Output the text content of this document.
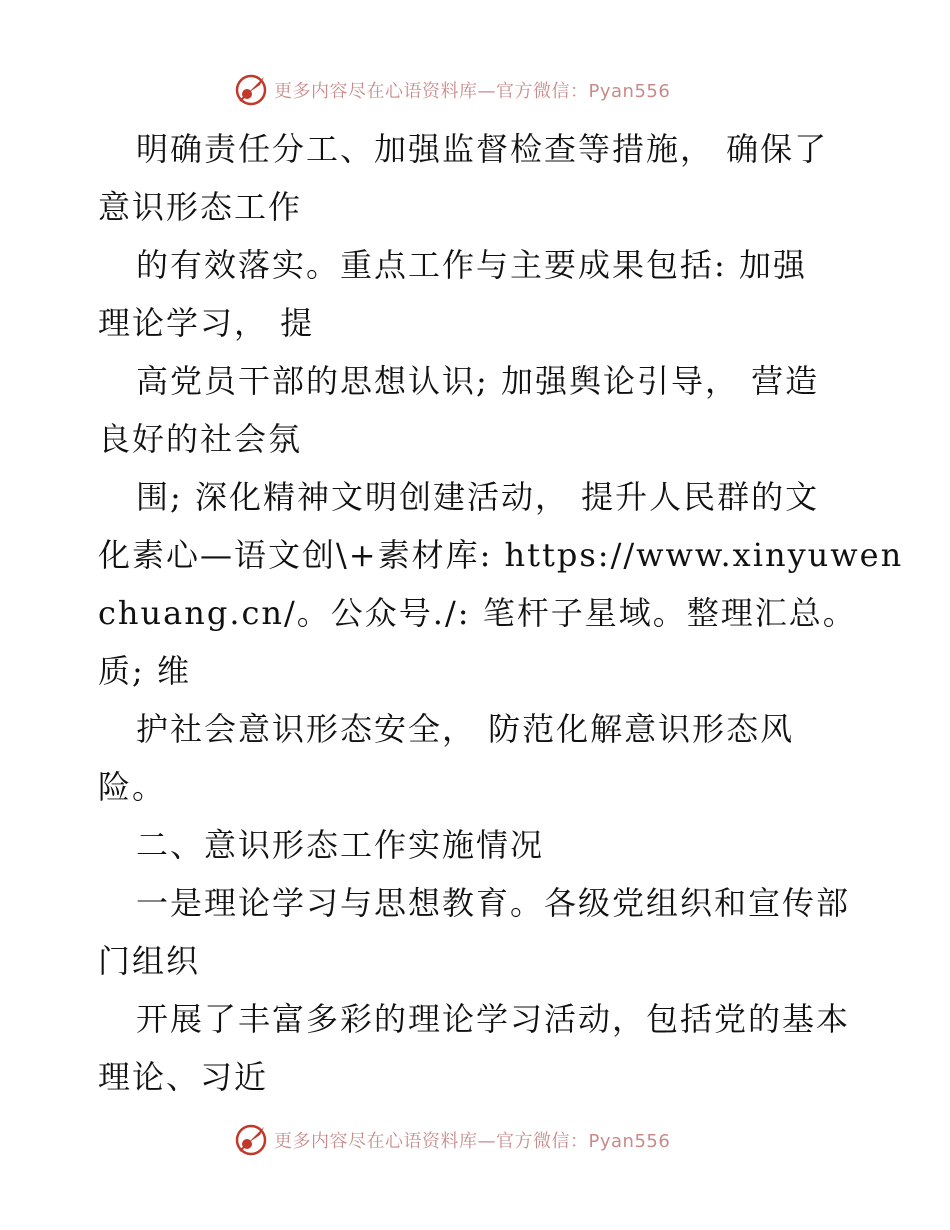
更多内容尽在心语资料库—官方微信：Pyan556
明确责任分工、加强监督检查等措施， 确保了
意识形态工作
的有效落实。重点工作与主要成果包括: 加强
理论学习， 提
高党员干部的思想认识; 加强舆论引导， 营造
良好的社会氛
围; 深化精神文明创建活动， 提升人民群的文
化素心—语文创\+素材库: https://www.xinyuwen
chuang.cn/。公众号./: 笔杆子星域。整理汇总。
质; 维
护社会意识形态安全， 防范化解意识形态风
险。
二、意识形态工作实施情况
一是理论学习与思想教育。各级党组织和宣传部
门组织
开展了丰富多彩的理论学习活动，包括党的基本
理论、习近
更多内容尽在心语资料库—官方微信：Pyan556
